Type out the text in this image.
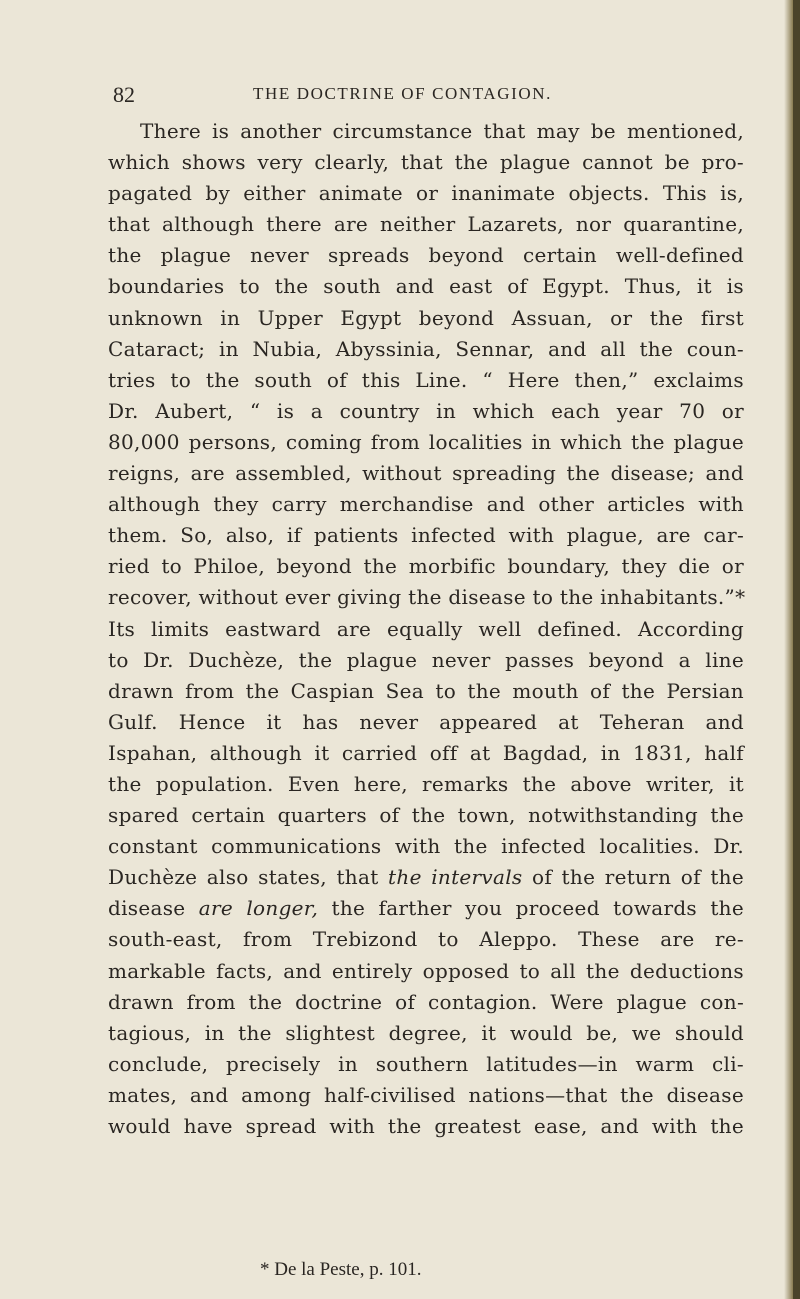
82	THE DOCTRINE OF CONTAGION.
There is another circumstance that may be mentioned,
which shows very clearly, that the plague cannot be pro-
pagated by either animate or inanimate objects. This is,
that although there are neither Lazarets, nor quarantine,
the plague never spreads beyond certain well-defined
boundaries to the south and east of Egypt. Thus, it is
unknown in Upper Egypt beyond Assuan, or the first
Cataract; in Nubia, Abyssinia, Sennar, and all the coun-
tries to the south of this Line. “ Here then,” exclaims
Dr. Aubert, “ is a country in which each year 70 or
80,000 persons, coming from localities in which the plague
reigns, are assembled, without spreading the disease; and
although they carry merchandise and other articles with
them. So, also, if patients infected with plague, are car-
ried to Philoe, beyond the morbific boundary, they die or
recover, without ever giving the disease to the inhabitants.”*
Its limits eastward are equally well defined. According
to Dr. Duchèze, the plague never passes beyond a line
drawn from the Caspian Sea to the mouth of the Persian
Gulf. Hence it has never appeared at Teheran and
Ispahan, although it carried off at Bagdad, in 1831, half
the population. Even here, remarks the above writer, it
spared certain quarters of the town, notwithstanding the
constant communications with the infected localities. Dr.
Duchèze also states, that the intervals of the return of the
disease are longer, the farther you proceed towards the
south-east, from Trebizond to Aleppo. These are re-
markable facts, and entirely opposed to all the deductions
drawn from the doctrine of contagion. Were plague con-
tagious, in the slightest degree, it would be, we should
conclude, precisely in southern latitudes—in warm cli-
mates, and among half-civilised nations—that the disease
would have spread with the greatest ease, and with the
* De la Peste, p. 101.
